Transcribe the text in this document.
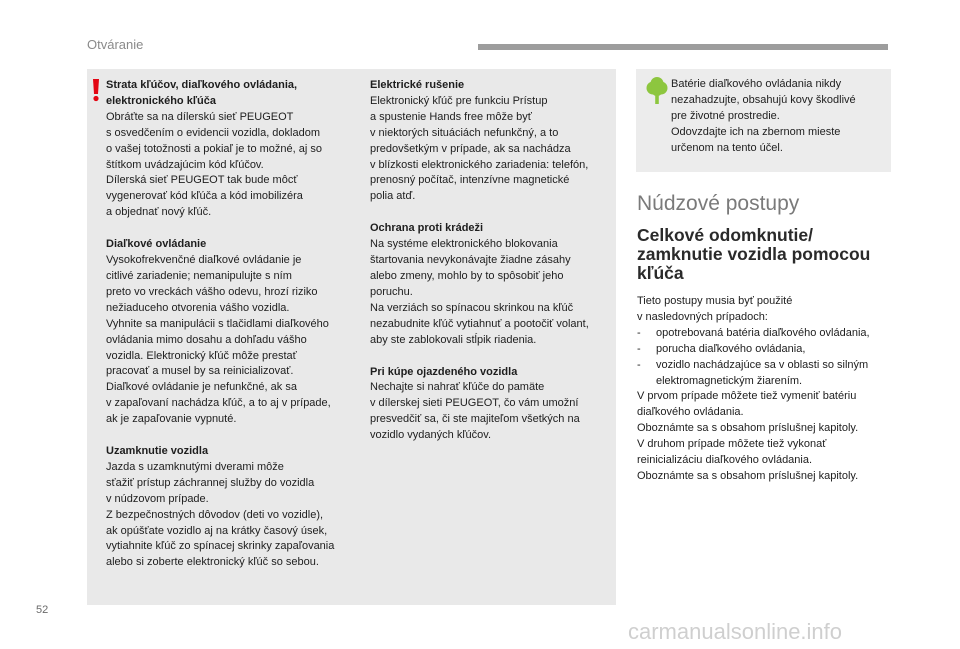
Otváranie
Strata kľúčov, diaľkového ovládania,
elektronického kľúča
Obráťte sa na dílerskú sieť PEUGEOT
s osvedčením o evidencii vozidla, dokladom
o vašej totožnosti a pokiaľ je to možné, aj so
štítkom uvádzajúcim kód kľúčov.
Dílerská sieť PEUGEOT tak bude môcť
vygenerovať kód kľúča a kód imobilizéra
a objednať nový kľúč.
Diaľkové ovládanie
Vysokofrekvenčné diaľkové ovládanie je
citlivé zariadenie; nemanipulujte s ním
preto vo vreckách vášho odevu, hrozí riziko
nežiaduceho otvorenia vášho vozidla.
Vyhnite sa manipulácii s tlačidlami diaľkového
ovládania mimo dosahu a dohľadu vášho
vozidla. Elektronický kľúč môže prestať
pracovať a musel by sa reinicializovať.
Diaľkové ovládanie je nefunkčné, ak sa
v zapaľovaní nachádza kľúč, a to aj v prípade,
ak je zapaľovanie vypnuté.
Uzamknutie vozidla
Jazda s uzamknutými dverami môže
sťažiť prístup záchrannej služby do vozidla
v núdzovom prípade.
Z bezpečnostných dôvodov (deti vo vozidle),
ak opúšťate vozidlo aj na krátky časový úsek,
vytiahnite kľúč zo spínacej skrinky zapaľovania
alebo si zoberte elektronický kľúč so sebou.
Elektrické rušenie
Elektronický kľúč pre funkciu Prístup
a spustenie Hands free môže byť
v niektorých situáciách nefunkčný, a to
predovšetkým v prípade, ak sa nachádza
v blízkosti elektronického zariadenia: telefón,
prenosný počítač, intenzívne magnetické
polia atď.
Ochrana proti krádeži
Na systéme elektronického blokovania
štartovania nevykonávajte žiadne zásahy
alebo zmeny, mohlo by to spôsobiť jeho
poruchu.
Na verziách so spínacou skrinkou na kľúč
nezabudnite kľúč vytiahnuť a pootočiť volant,
aby ste zablokovali stĺpik riadenia.
Pri kúpe ojazdeného vozidla
Nechajte si nahrať kľúče do pamäte
v dílerskej sieti PEUGEOT, čo vám umožní
presvedčiť sa, či ste majiteľom všetkých na
vozidlo vydaných kľúčov.
Batérie diaľkového ovládania nikdy
nezahadzujte, obsahujú kovy škodlivé
pre životné prostredie.
Odovzdajte ich na zbernom mieste
určenom na tento účel.
Núdzové postupy
Celkové odomknutie/
zamknutie vozidla pomocou
kľúča
Tieto postupy musia byť použité
v nasledovných prípadoch:
- opotrebovaná batéria diaľkového ovládania,
- porucha diaľkového ovládania,
- vozidlo nachádzajúce sa v oblasti so silným
elektromagnetickým žiarením.
V prvom prípade môžete tiež vymeniť batériu
diaľkového ovládania.
Oboznámte sa s obsahom príslušnej kapitoly.
V druhom prípade môžete tiež vykonať
reinicializáciu diaľkového ovládania.
Oboznámte sa s obsahom príslušnej kapitoly.
52
carmanualsonline.info
